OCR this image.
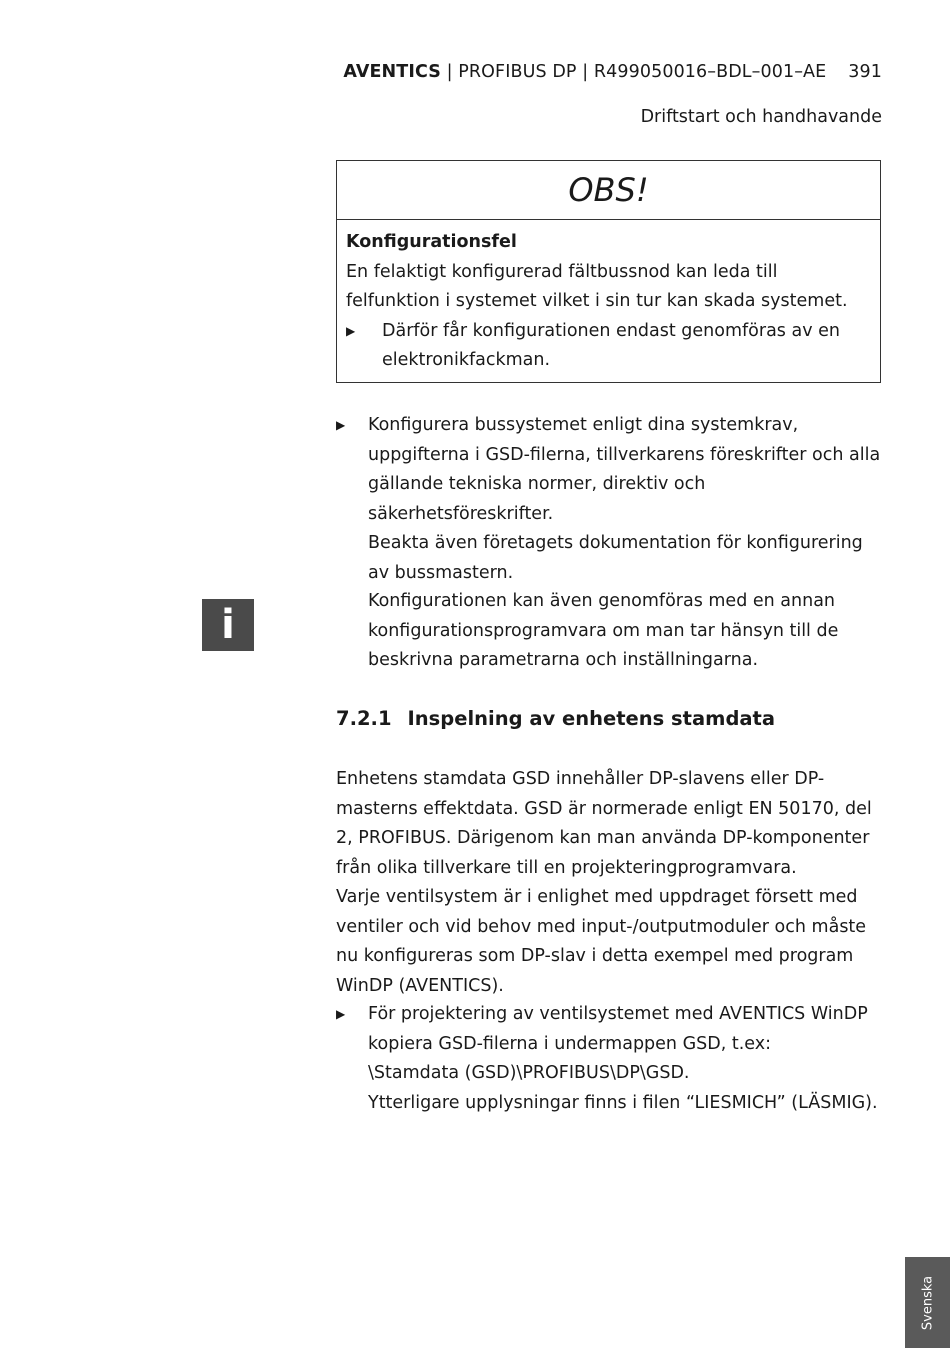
AVENTICS | PROFIBUS DP | R499050016–BDL–001–AE 391
Driftstart och handhavande
OBS!
Konfigurationsfel
En felaktigt konfigurerad fältbussnod kan leda till felfunktion i systemet vilket i sin tur kan skada systemet.
▶ Därför får konfigurationen endast genomföras av en elektronikfackman.
▶ Konfigurera bussystemet enligt dina systemkrav, uppgifterna i GSD-filerna, tillverkarens föreskrifter och alla gällande tekniska normer, direktiv och säkerhetsföreskrifter.
Beakta även företagets dokumentation för konfigurering av bussmastern.
i
Konfigurationen kan även genomföras med en annan konfigurationsprogramvara om man tar hänsyn till de beskrivna parametrarna och inställningarna.
7.2.1 Inspelning av enhetens stamdata
Enhetens stamdata GSD innehåller DP-slavens eller DP-masterns effektdata. GSD är normerade enligt EN 50170, del 2, PROFIBUS. Därigenom kan man använda DP-komponenter från olika tillverkare till en projekteringprogramvara.
Varje ventilsystem är i enlighet med uppdraget försett med ventiler och vid behov med input-/outputmoduler och måste nu konfigureras som DP-slav i detta exempel med program WinDP (AVENTICS).
▶ För projektering av ventilsystemet med AVENTICS WinDP kopiera GSD-filerna i undermappen GSD, t.ex:
\Stamdata (GSD)\PROFIBUS\DP\GSD.
Ytterligare upplysningar finns i filen “LIESMICH” (LÄSMIG).
Svenska
